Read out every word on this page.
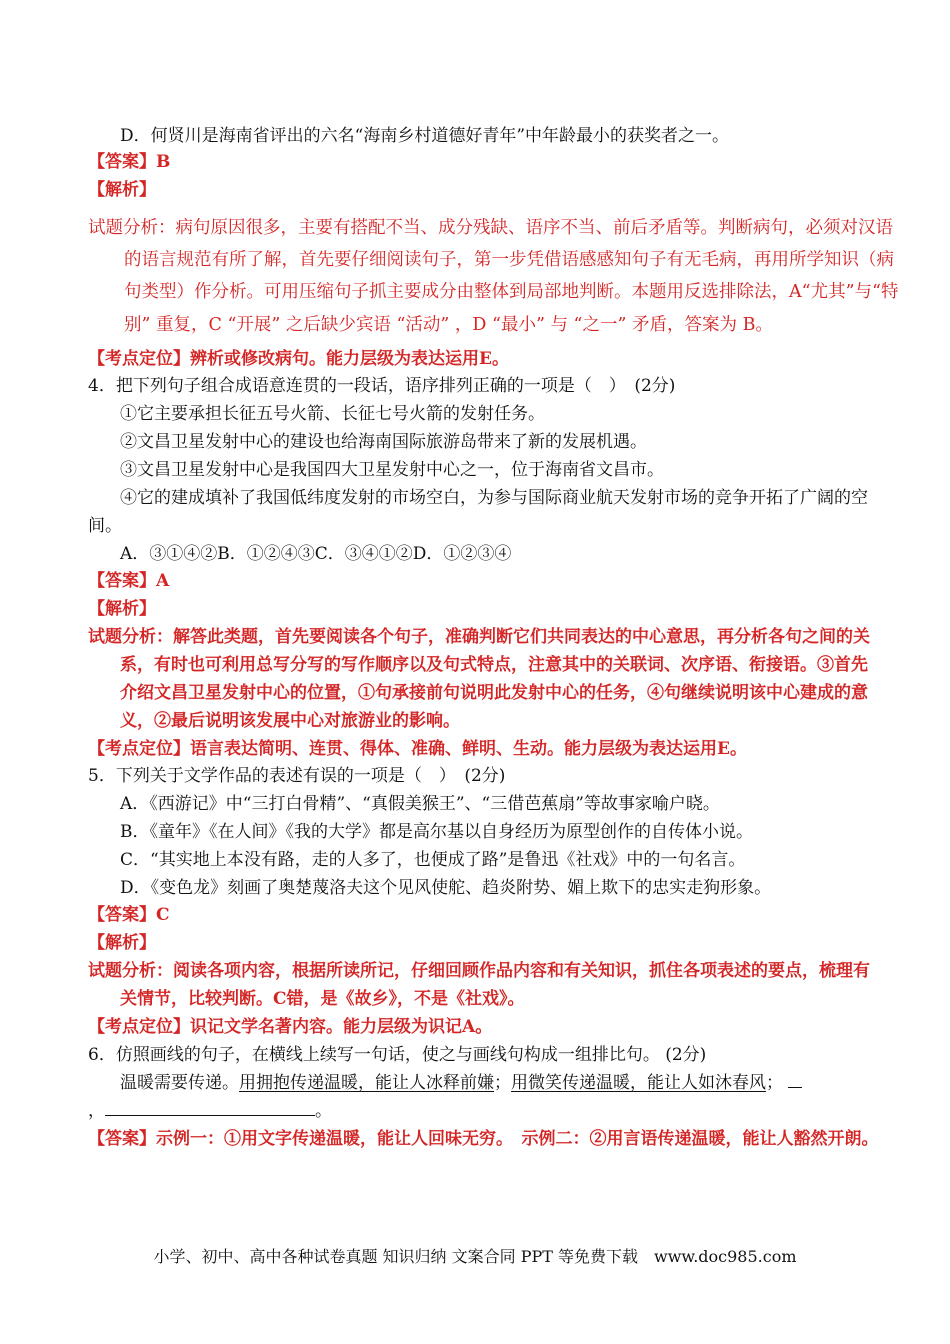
D．何贤川是海南省评出的六名“海南乡村道德好青年”中年龄最小的获奖者之一。
【答案】B
【解析】
试题分析：病句原因很多，主要有搭配不当、成分残缺、语序不当、前后矛盾等。判断病句，必须对汉语
的语言规范有所了解，首先要仔细阅读句子，第一步凭借语感感知句子有无毛病，再用所学知识（病
句类型）作分析。可用压缩句子抓主要成分由整体到局部地判断。本题用反选排除法，A“尤其”与“特
别” 重复，C “开展” 之后缺少宾语 “活动” ，D “最小” 与 “之一” 矛盾，答案为 B。
【考点定位】辨析或修改病句。能力层级为表达运用E。
4．把下列句子组合成语意连贯的一段话，语序排列正确的一项是（　）　(2分)
①它主要承担长征五号火箭、长征七号火箭的发射任务。
②文昌卫星发射中心的建设也给海南国际旅游岛带来了新的发展机遇。
③文昌卫星发射中心是我国四大卫星发射中心之一，位于海南省文昌市。
④它的建成填补了我国低纬度发射的市场空白，为参与国际商业航天发射市场的竞争开拓了广阔的空
间。
A．③①④②B．①②④③C．③④①②D．①②③④
【答案】A
【解析】
试题分析：解答此类题，首先要阅读各个句子，准确判断它们共同表达的中心意思，再分析各句之间的关
系，有时也可利用总写分写的写作顺序以及句式特点，注意其中的关联词、次序语、衔接语。③首先
介绍文昌卫星发射中心的位置，①句承接前句说明此发射中心的任务，④句继续说明该中心建成的意
义，②最后说明该发展中心对旅游业的影响。
【考点定位】语言表达简明、连贯、得体、准确、鲜明、生动。能力层级为表达运用E。
5．下列关于文学作品的表述有误的一项是（　）　(2分)
A．《西游记》中“三打白骨精”、“真假美猴王”、“三借芭蕉扇”等故事家喻户晓。
B．《童年》《在人间》《我的大学》都是高尔基以自身经历为原型创作的自传体小说。
C．“其实地上本没有路，走的人多了，也便成了路”是鲁迅《社戏》中的一句名言。
D．《变色龙》刻画了奥楚蔑洛夫这个见风使舵、趋炎附势、媚上欺下的忠实走狗形象。
【答案】C
【解析】
试题分析：阅读各项内容，根据所读所记，仔细回顾作品内容和有关知识，抓住各项表述的要点，梳理有
关情节，比较判断。C错，是《故乡》，不是《社戏》。
【考点定位】识记文学名著内容。能力层级为识记A。
6．仿照画线的句子，在横线上续写一句话，使之与画线句构成一组排比句。 (2分)
温暖需要传递。用拥抱传递温暖，能让人冰释前嫌；用微笑传递温暖，能让人如沐春风；
，	。
【答案】示例一：①用文字传递温暖，能让人回味无穷。　示例二：②用言语传递温暖，能让人豁然开朗。
小学、初中、高中各种试卷真题 知识归纳 文案合同 PPT 等免费下载　www.doc985.com
